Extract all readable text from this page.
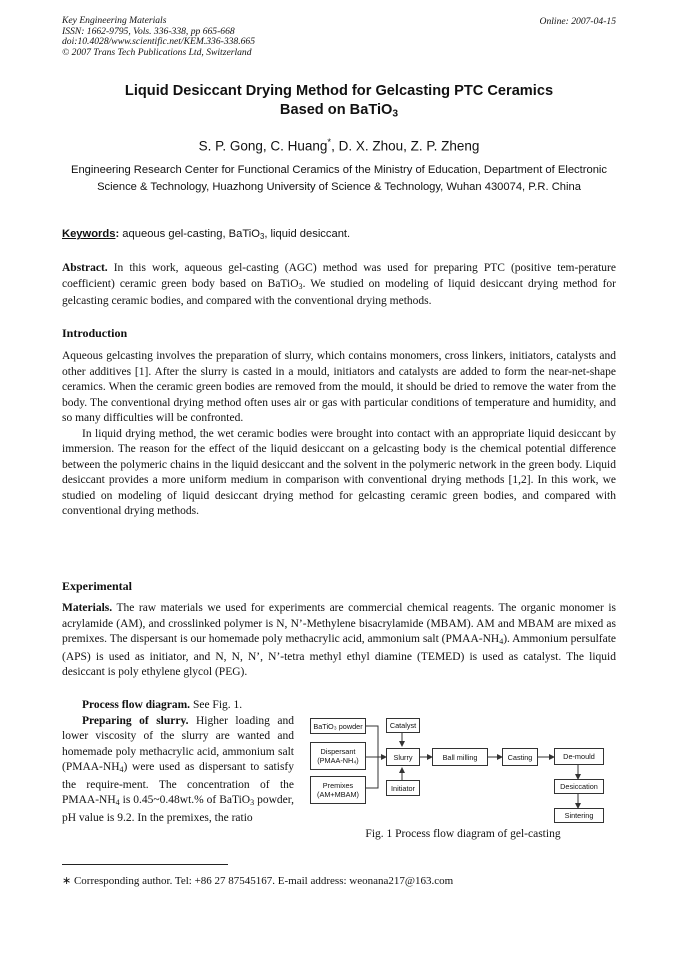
Key Engineering Materials
ISSN: 1662-9795, Vols. 336-338, pp 665-668
doi:10.4028/www.scientific.net/KEM.336-338.665
© 2007 Trans Tech Publications Ltd, Switzerland
Online: 2007-04-15
Liquid Desiccant Drying Method for Gelcasting PTC Ceramics
Based on BaTiO$_3$
S. P. Gong, C. Huang*, D. X. Zhou, Z. P. Zheng
Engineering Research Center for Functional Ceramics of the Ministry of Education, Department of Electronic Science & Technology, Huazhong University of Science & Technology, Wuhan 430074, P.R. China
Keywords: aqueous gel-casting, BaTiO$_3$, liquid desiccant.

Abstract. In this work, aqueous gel-casting (AGC) method was used for preparing PTC (positive tem-perature coefficient) ceramic green body based on BaTiO$_3$. We studied on modeling of liquid desiccant drying method for gelcasting ceramic bodies, and compared with the conventional drying methods.

Introduction

Aqueous gelcasting involves the preparation of slurry, which contains monomers, cross linkers, initiators, catalysts and other additives [1]. After the slurry is casted in a mould, initiators and catalysts are added to form the near-net-shape ceramics. When the ceramic green bodies are removed from the mould, it should be dried to remove the water from the body. The conventional drying method often uses air or gas with particular conditions of temperature and humidity, and so many difficulties will be confronted.

In liquid drying method, the wet ceramic bodies were brought into contact with an appropriate liquid desiccant by immersion. The reason for the effect of the liquid desiccant on a gelcasting body is the chemical potential difference between the polymeric chains in the liquid desiccant and the solvent in the polymeric network in the green body. Liquid desiccant provides a more uniform medium in comparison with conventional drying methods [1,2]. In this work, we studied on modeling of liquid desiccant drying method for gelcasting ceramic green bodies, and compared with conventional drying methods.

Experimental

Materials. The raw materials we used for experiments are commercial chemical reagents. The organic monomer is acrylamide (AM), and crosslinked polymer is N, N’-Methylene bisacrylamide (MBAM). AM and MBAM are mixed as premixes. The dispersant is our homemade poly methacrylic acid, ammonium salt $(PMAA-NH_4)$. Ammonium persulfate (APS) is used as initiator, and N, N, N’, N’-tetra methyl ethyl diamine (TEMED) is used as catalyst. The liquid desiccant is poly ethylene glycol (PEG).

Process flow diagram. See Fig. 1.

Preparing of slurry. Higher loading and lower viscosity of the slurry are wanted and homemade poly methacrylic acid, ammonium salt $(PMAA-NH_4)$ were used as dispersant to satisfy the require-ment. The concentration of the PMAA-$NH_4$ is 0.45~0.48wt.% of BaTiO$_3$ powder, pH value is 9.2. In the premixes, the ratio

BaTiO₃ powder	Catalyst
Dispersant (PMAA-NH₄)	Slurry	Ball milling	Casting	De-mould
Premixes (AM+MBAM)
Initiator	Desiccation
Sintering
Fig. 1 Process flow diagram of gel-casting
∗ Corresponding author. Tel: +86 27 87545167. E-mail address: weonana217@163.com
